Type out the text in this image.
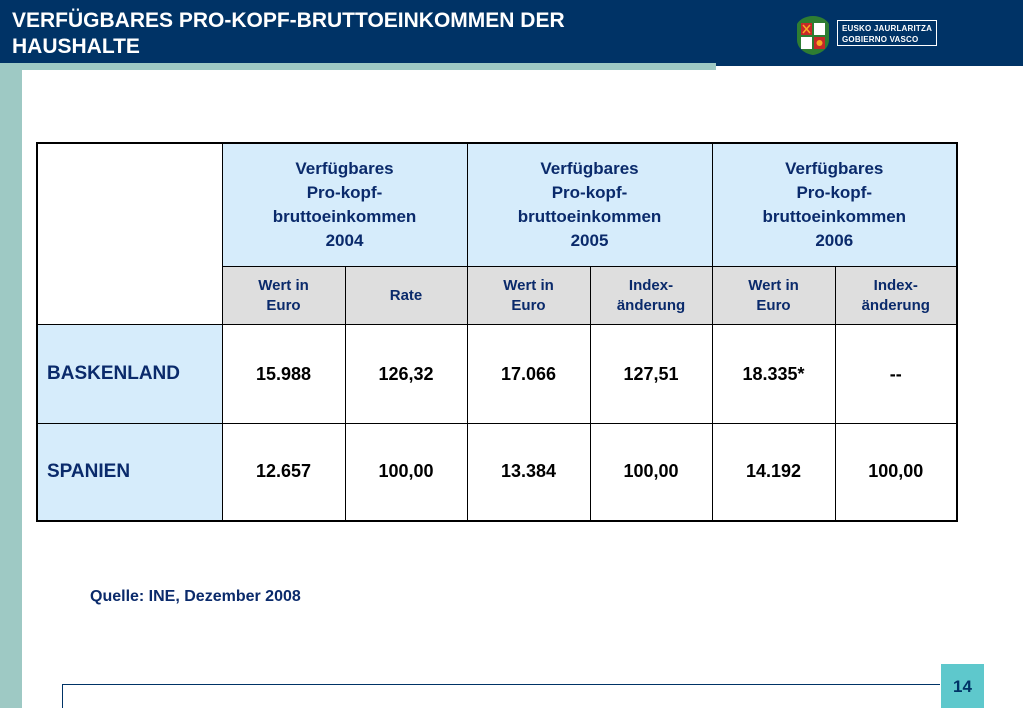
VERFÜGBARES PRO-KOPF-BRUTTOEINKOMMEN DER
HAUSHALTE
EUSKO JAURLARITZA
GOBIERNO VASCO

	Verfügbares
Pro-kopf-
bruttoeinkommen
2004		Verfügbares
Pro-kopf-
bruttoeinkommen
2005		Verfügbares
Pro-kopf-
bruttoeinkommen
2006	

	Wert in
Euro	Rate	Wert in
Euro	Index-
änderung	Wert in
Euro	Index-
änderung

BASKENLAND	15.988	126,32	17.066	127,51	18.335*	--
SPANIEN	12.657	100,00	13.384	100,00	14.192	100,00
Quelle: INE, Dezember 2008
14
